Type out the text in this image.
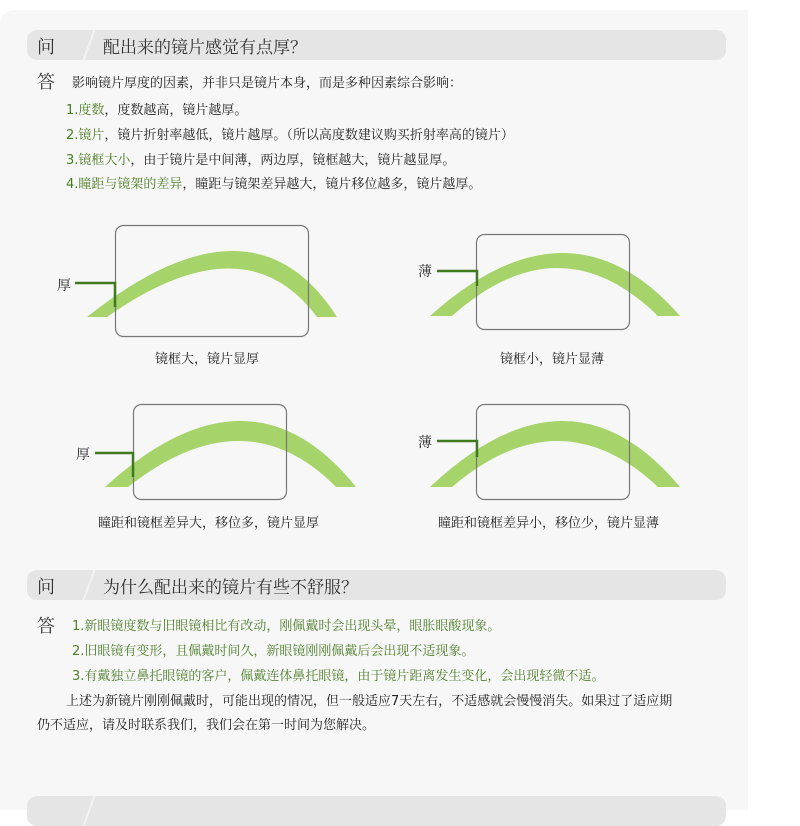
问	配出来的镜片感觉有点厚？
答 影响镜片厚度的因素，并非只是镜片本身，而是多种因素综合影响：
1.度数，度数越高，镜片越厚。
2.镜片，镜片折射率越低，镜片越厚。（所以高度数建议购买折射率高的镜片）
3.镜框大小，由于镜片是中间薄，两边厚，镜框越大，镜片越显厚。
4.瞳距与镜架的差异，瞳距与镜架差异越大，镜片移位越多，镜片越厚。
厚
镜框大，镜片显厚
薄
镜框小，镜片显薄
厚
瞳距和镜框差异大，移位多，镜片显厚
薄
瞳距和镜框差异小，移位少，镜片显薄
问	为什么配出来的镜片有些不舒服？
答 1.新眼镜度数与旧眼镜相比有改动，刚佩戴时会出现头晕，眼胀眼酸现象。
2.旧眼镜有变形，且佩戴时间久，新眼镜刚刚佩戴后会出现不适现象。
3.有戴独立鼻托眼镜的客户，佩戴连体鼻托眼镜，由于镜片距离发生变化，会出现轻微不适。
上述为新镜片刚刚佩戴时，可能出现的情况，但一般适应7天左右，不适感就会慢慢消失。如果过了适应期
仍不适应，请及时联系我们，我们会在第一时间为您解决。
